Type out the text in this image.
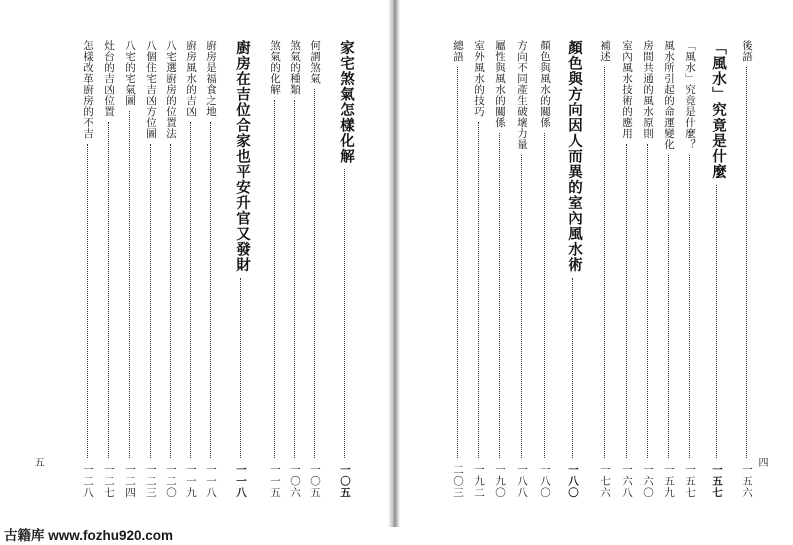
五	四
後語
一五六
「風水」究竟是什麼
一五七
「風水」究竟是什麼？
一五七
風水所引起的命運變化
一五九
房間共通的風水原則
一六〇
室內風水技術的應用
一六八
補述
一七六
顏色與方向因人而異的室內風水術
一八〇
顏色與風水的關係
一八〇
方向不同產生破壞力量
一八八
屬性與風水的關係
一九〇
室外風水的技巧
一九二
總語
二〇三
家宅煞氣怎樣化解
一〇五
何謂煞氣
一〇五
煞氣的種類
一〇六
煞氣的化解
一一五
廚房在吉位合家也平安升官又發財
一一八
廚房是福食之地
一一八
廚房風水的吉凶
一一九
八宅選廚房的位置法
一二〇
八個住宅吉凶方位圖
一二三
八宅的宅氣圖
一二四
灶台的吉凶位置
一二七
怎樣改革廚房的不吉
一二八
古籍库 www.fozhu920.com
